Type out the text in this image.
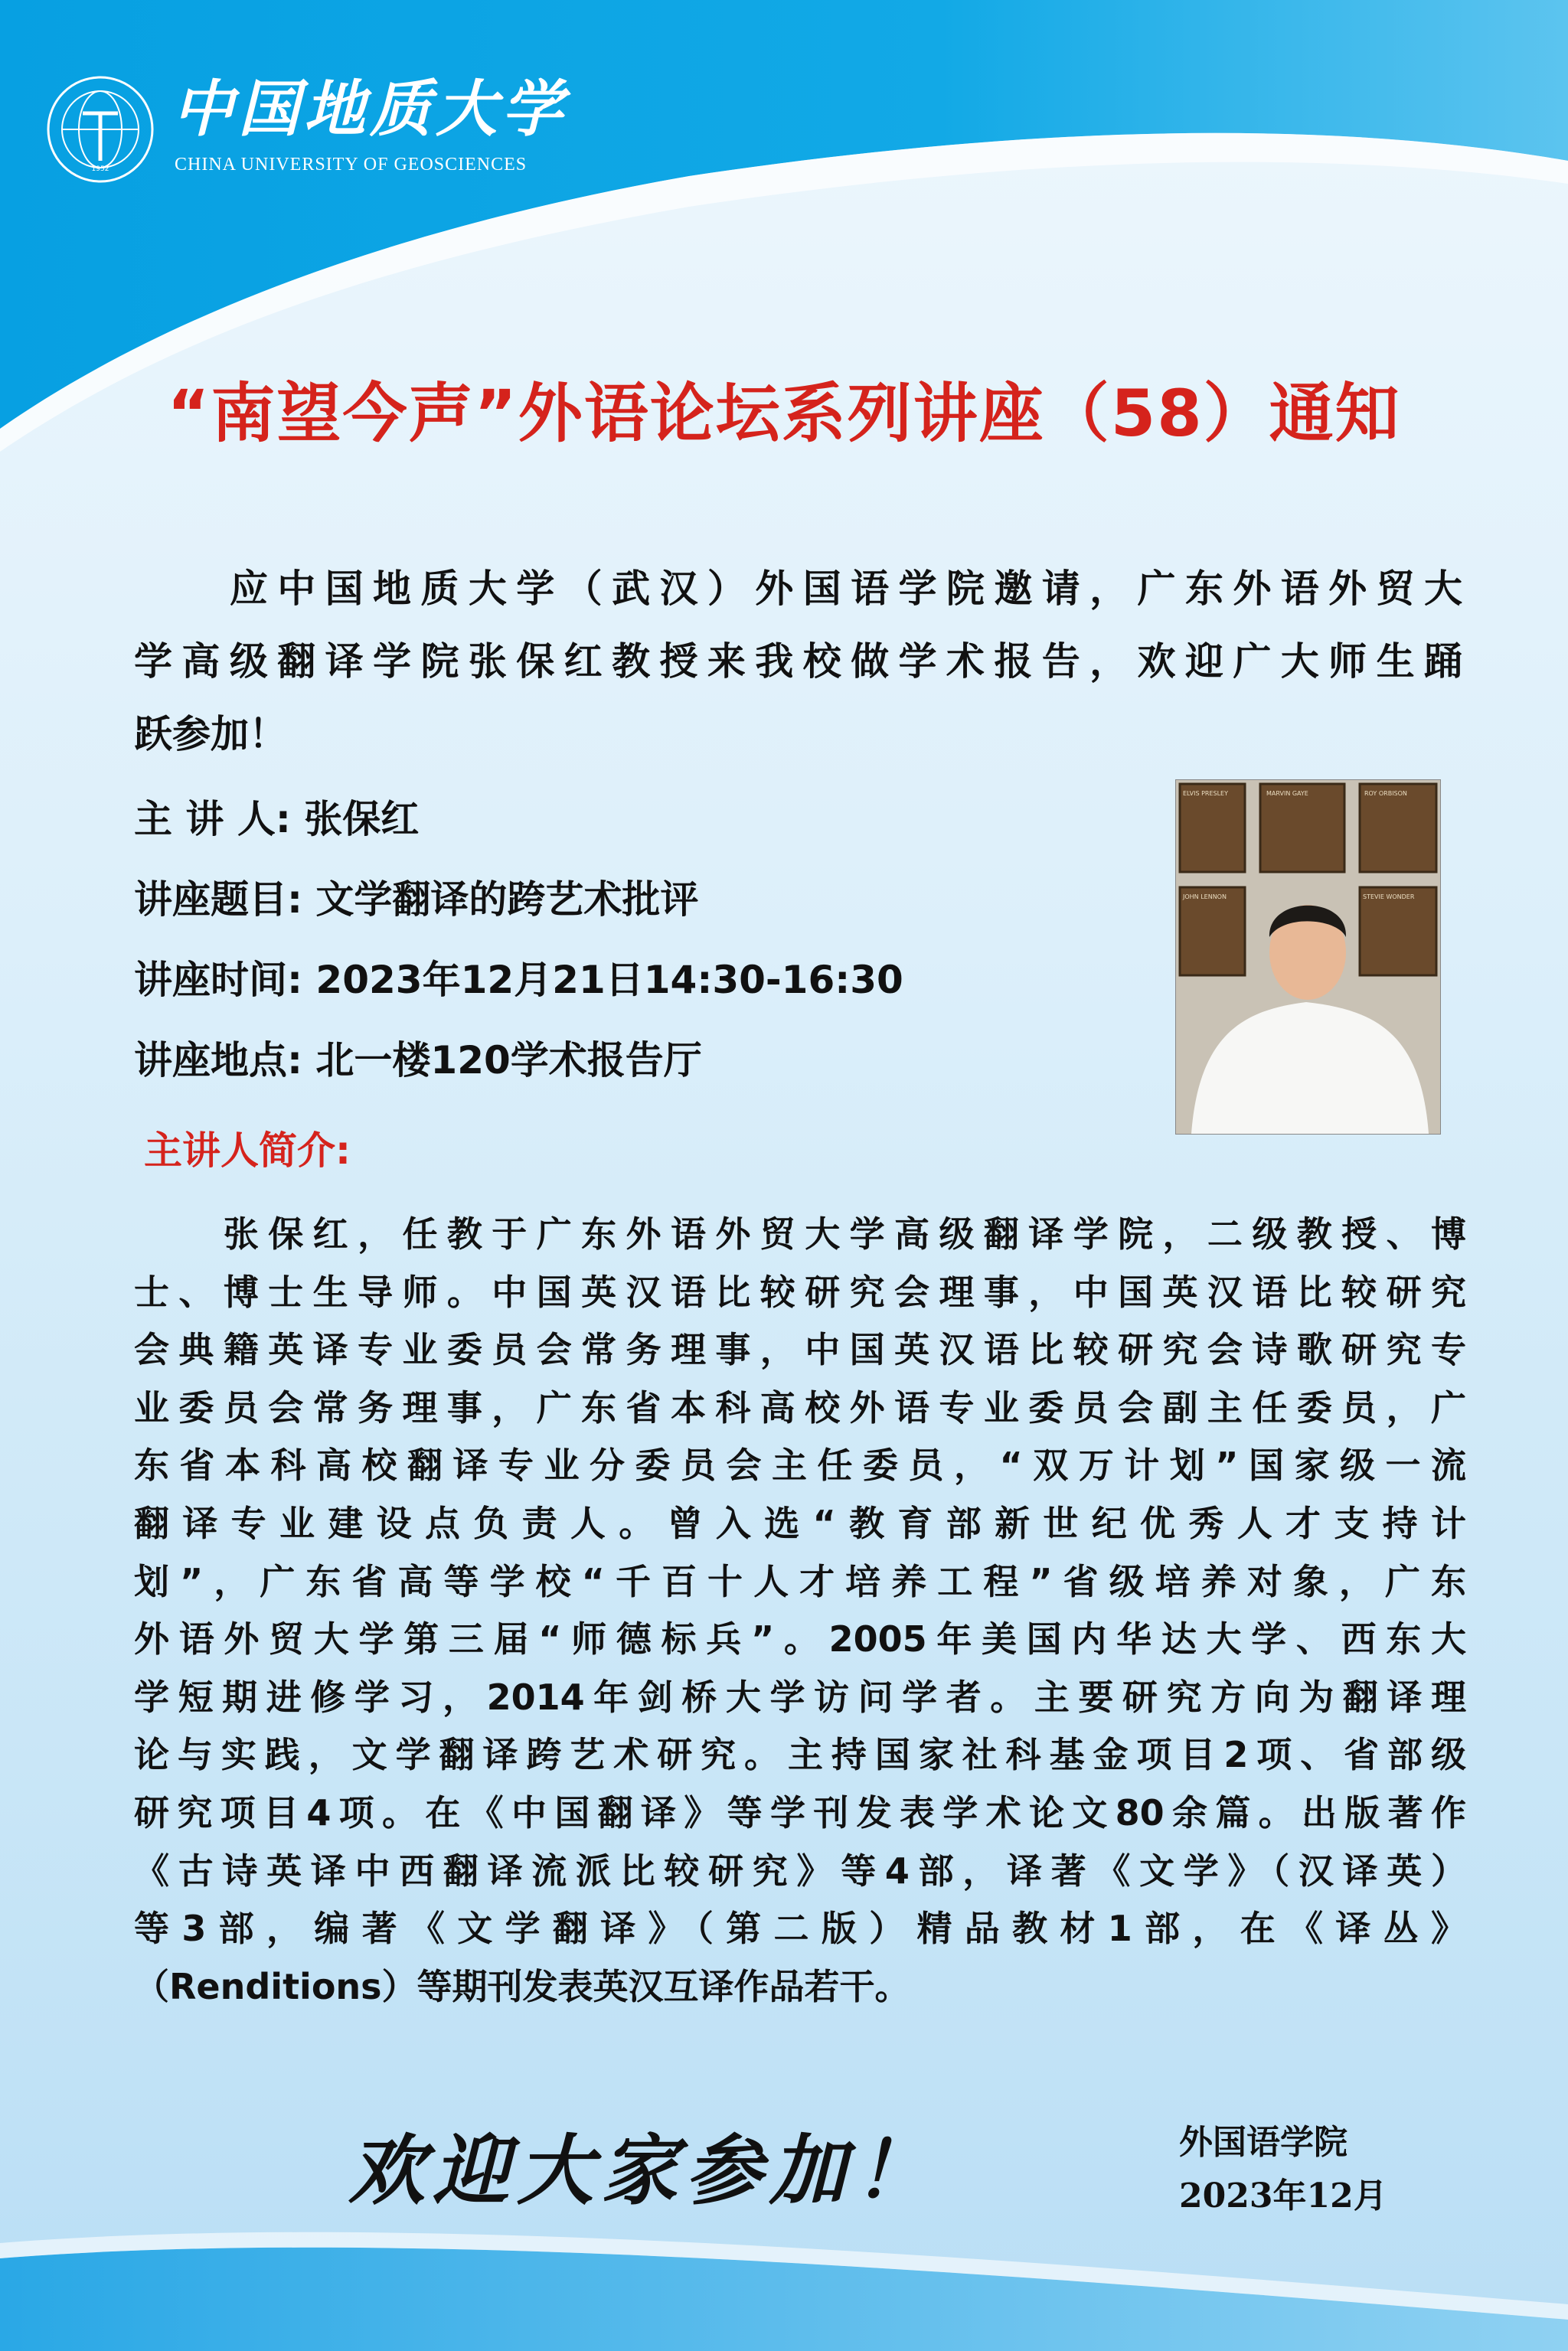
1952
中国地质大学
CHINA UNIVERSITY OF GEOSCIENCES
“南望今声”外语论坛系列讲座（58）通知
　　应中国地质大学（武汉）外国语学院邀请，广东外语外贸大
学高级翻译学院张保红教授来我校做学术报告，欢迎广大师生踊
跃参加！
主 讲 人: 张保红
讲座题目: 文学翻译的跨艺术批评
讲座时间: 2023年12月21日14:30-16:30
讲座地点: 北一楼120学术报告厅
ELVIS PRESLEY	MARVIN GAYE	ROY ORBISON
JOHN LENNON	STEVIE WONDER
主讲人简介:
　　张保红，任教于广东外语外贸大学高级翻译学院，二级教授、博
士、博士生导师。中国英汉语比较研究会理事，中国英汉语比较研究
会典籍英译专业委员会常务理事，中国英汉语比较研究会诗歌研究专
业委员会常务理事，广东省本科高校外语专业委员会副主任委员，广
东省本科高校翻译专业分委员会主任委员，“双万计划”国家级一流
翻译专业建设点负责人。曾入选“教育部新世纪优秀人才支持计
划”，广东省高等学校“千百十人才培养工程”省级培养对象，广东
外语外贸大学第三届“师德标兵”。2005年美国内华达大学、西东大
学短期进修学习，2014年剑桥大学访问学者。主要研究方向为翻译理
论与实践，文学翻译跨艺术研究。主持国家社科基金项目2项、省部级
研究项目4项。在《中国翻译》等学刊发表学术论文80余篇。出版著作
《古诗英译中西翻译流派比较研究》等4部，译著《文学》（汉译英）
等3部，编著《文学翻译》（第二版）精品教材1部，在《译丛》
（Renditions）等期刊发表英汉互译作品若干。
欢迎大家参加！	外国语学院
2023年12月
